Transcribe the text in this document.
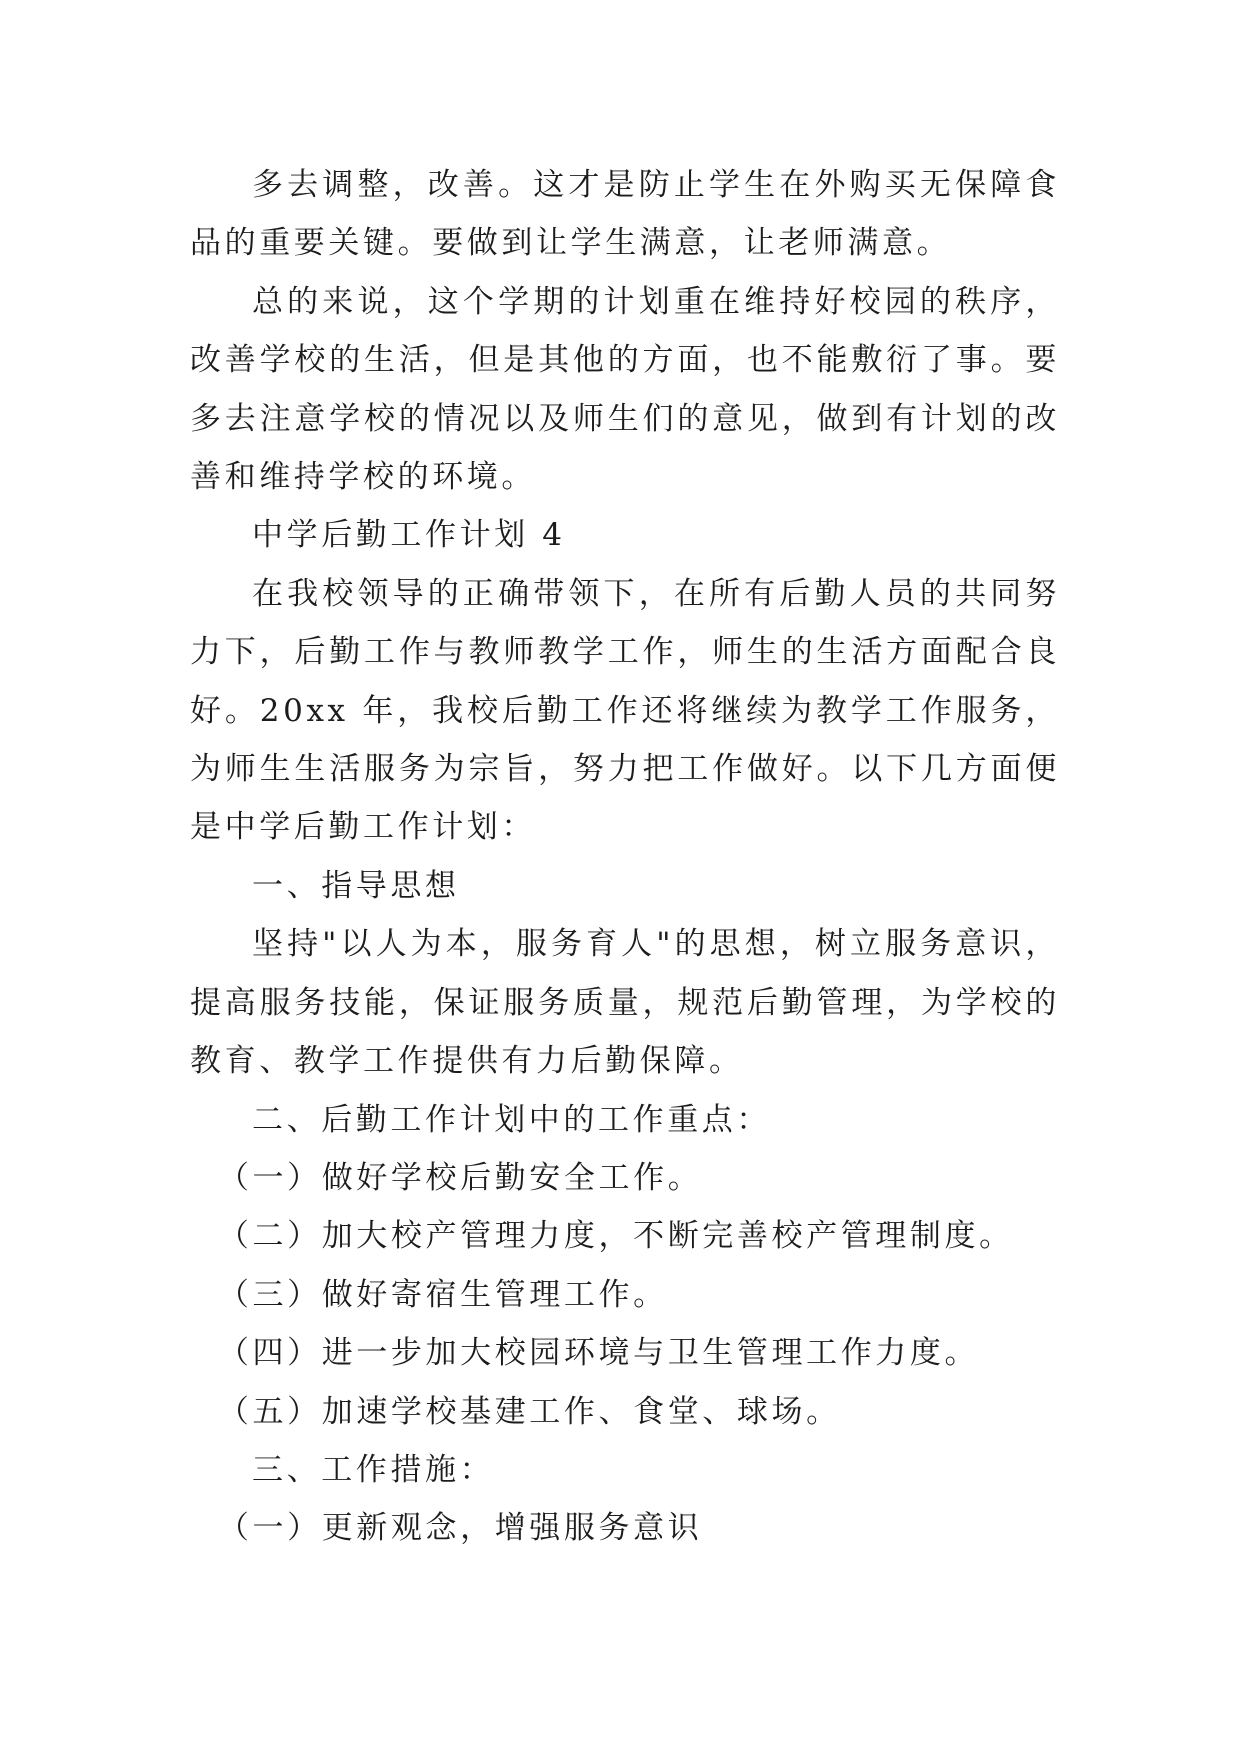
多去调整，改善。这才是防止学生在外购买无保障食品的重要关键。要做到让学生满意，让老师满意。

总的来说，这个学期的计划重在维持好校园的秩序，改善学校的生活，但是其他的方面，也不能敷衍了事。要多去注意学校的情况以及师生们的意见，做到有计划的改善和维持学校的环境。

中学后勤工作计划 4

在我校领导的正确带领下，在所有后勤人员的共同努力下，后勤工作与教师教学工作，师生的生活方面配合良好。20xx 年，我校后勤工作还将继续为教学工作服务，为师生生活服务为宗旨，努力把工作做好。以下几方面便是中学后勤工作计划：

一、指导思想

坚持"以人为本，服务育人"的思想，树立服务意识，提高服务技能，保证服务质量，规范后勤管理，为学校的教育、教学工作提供有力后勤保障。

二、后勤工作计划中的工作重点：

（一）做好学校后勤安全工作。

（二）加大校产管理力度，不断完善校产管理制度。

（三）做好寄宿生管理工作。

（四）进一步加大校园环境与卫生管理工作力度。

（五）加速学校基建工作、食堂、球场。

三、工作措施：

（一）更新观念，增强服务意识
